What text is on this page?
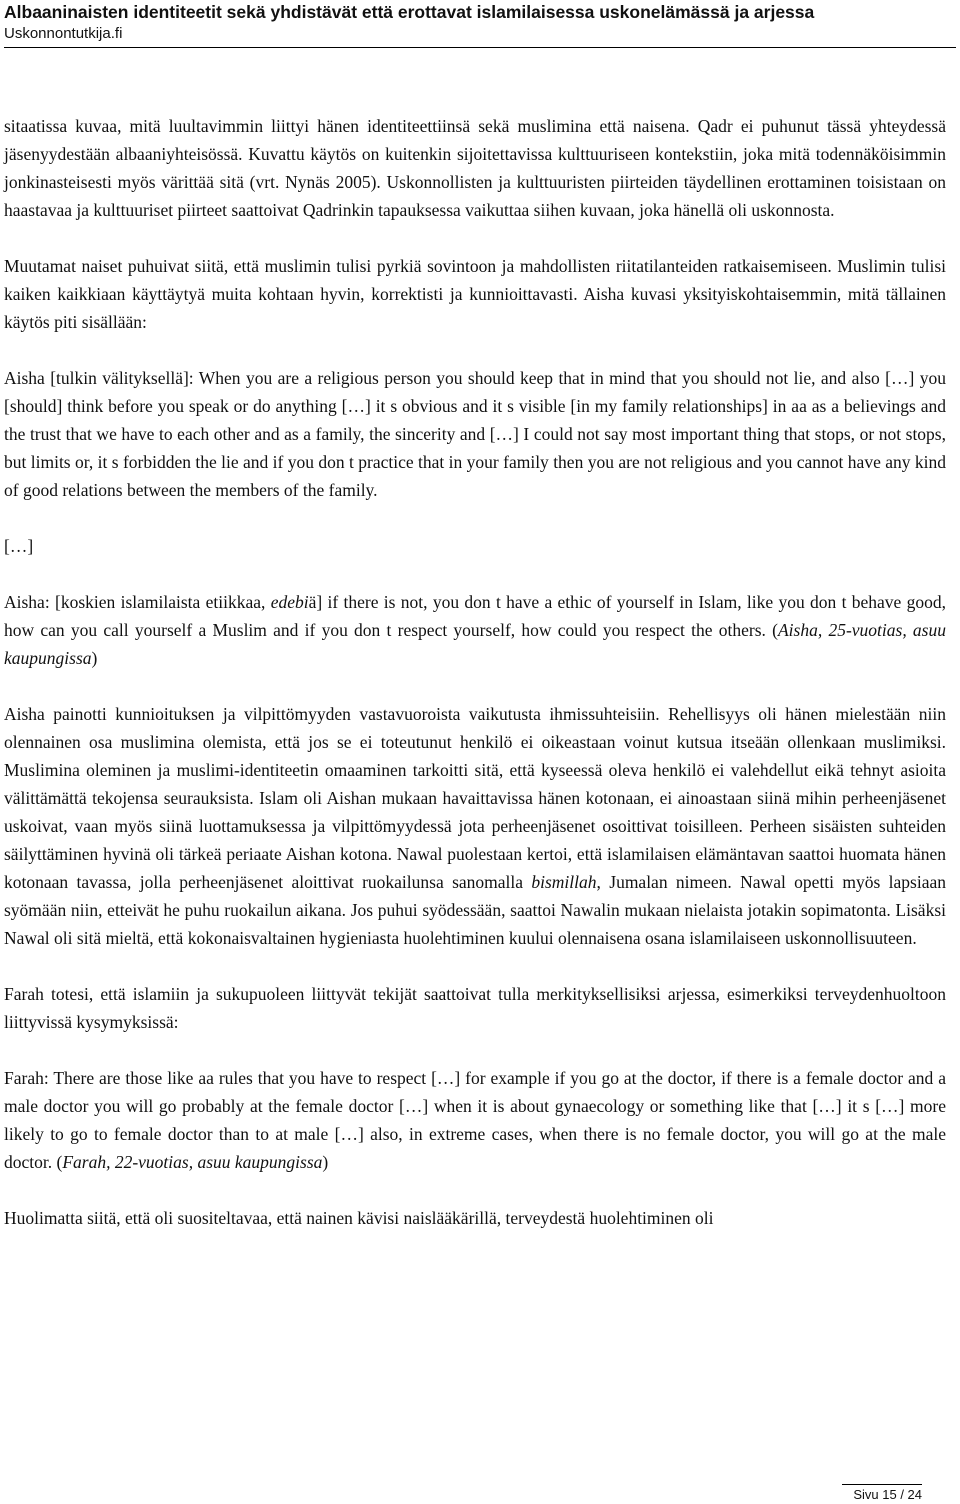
Albaaninaisten identiteetit sekä yhdistävät että erottavat islamilaisessa uskonelämässä ja arjessa
Uskonnontutkija.fi

sitaatissa kuvaa, mitä luultavimmin liittyi hänen identiteettiinsä sekä muslimina että naisena. Qadr ei puhunut tässä yhteydessä jäsenyydestään albaaniyhteisössä. Kuvattu käytös on kuitenkin sijoitettavissa kulttuuriseen kontekstiin, joka mitä todennäköisimmin jonkinasteisesti myös värittää sitä (vrt. Nynäs 2005). Uskonnollisten ja kulttuuristen piirteiden täydellinen erottaminen toisistaan on haastavaa ja kulttuuriset piirteet saattoivat Qadrinkin tapauksessa vaikuttaa siihen kuvaan, joka hänellä oli uskonnosta.

Muutamat naiset puhuivat siitä, että muslimin tulisi pyrkiä sovintoon ja mahdollisten riitatilanteiden ratkaisemiseen. Muslimin tulisi kaiken kaikkiaan käyttäytyä muita kohtaan hyvin, korrektisti ja kunnioittavasti. Aisha kuvasi yksityiskohtaisemmin, mitä tällainen käytös piti sisällään:

Aisha [tulkin välityksellä]: When you are a religious person you should keep that in mind that you should not lie, and also […] you [should] think before you speak or do anything […] it s obvious and it s visible [in my family relationships] in aa as a believings and the trust that we have to each other and as a family, the sincerity and […] I could not say most important thing that stops, or not stops, but limits or, it s forbidden the lie and if you don t practice that in your family then you are not religious and you cannot have any kind of good relations between the members of the family.

[…]

Aisha: [koskien islamilaista etiikkaa, edebiä] if there is not, you don t have a ethic of yourself in Islam, like you don t behave good, how can you call yourself a Muslim and if you don t respect yourself, how could you respect the others. (Aisha, 25-vuotias, asuu kaupungissa)

Aisha painotti kunnioituksen ja vilpittömyyden vastavuoroista vaikutusta ihmissuhteisiin. Rehellisyys oli hänen mielestään niin olennainen osa muslimina olemista, että jos se ei toteutunut henkilö ei oikeastaan voinut kutsua itseään ollenkaan muslimiksi. Muslimina oleminen ja muslimi-identiteetin omaaminen tarkoitti sitä, että kyseessä oleva henkilö ei valehdellut eikä tehnyt asioita välittämättä tekojensa seurauksista. Islam oli Aishan mukaan havaittavissa hänen kotonaan, ei ainoastaan siinä mihin perheenjäsenet uskoivat, vaan myös siinä luottamuksessa ja vilpittömyydessä jota perheenjäsenet osoittivat toisilleen. Perheen sisäisten suhteiden säilyttäminen hyvinä oli tärkeä periaate Aishan kotona. Nawal puolestaan kertoi, että islamilaisen elämäntavan saattoi huomata hänen kotonaan tavassa, jolla perheenjäsenet aloittivat ruokailunsa sanomalla bismillah, Jumalan nimeen. Nawal opetti myös lapsiaan syömään niin, etteivät he puhu ruokailun aikana. Jos puhui syödessään, saattoi Nawalin mukaan nielaista jotakin sopimatonta. Lisäksi Nawal oli sitä mieltä, että kokonaisvaltainen hygieniasta huolehtiminen kuului olennaisena osana islamilaiseen uskonnollisuuteen.

Farah totesi, että islamiin ja sukupuoleen liittyvät tekijät saattoivat tulla merkityksellisiksi arjessa, esimerkiksi terveydenhuoltoon liittyvissä kysymyksissä:

Farah: There are those like aa rules that you have to respect […] for example if you go at the doctor, if there is a female doctor and a male doctor you will go probably at the female doctor […] when it is about gynaecology or something like that […] it s […] more likely to go to female doctor than to at male […] also, in extreme cases, when there is no female doctor, you will go at the male doctor. (Farah, 22-vuotias, asuu kaupungissa)

Huolimatta siitä, että oli suositeltavaa, että nainen kävisi naislääkärillä, terveydestä huolehtiminen oli

Sivu 15 / 24
